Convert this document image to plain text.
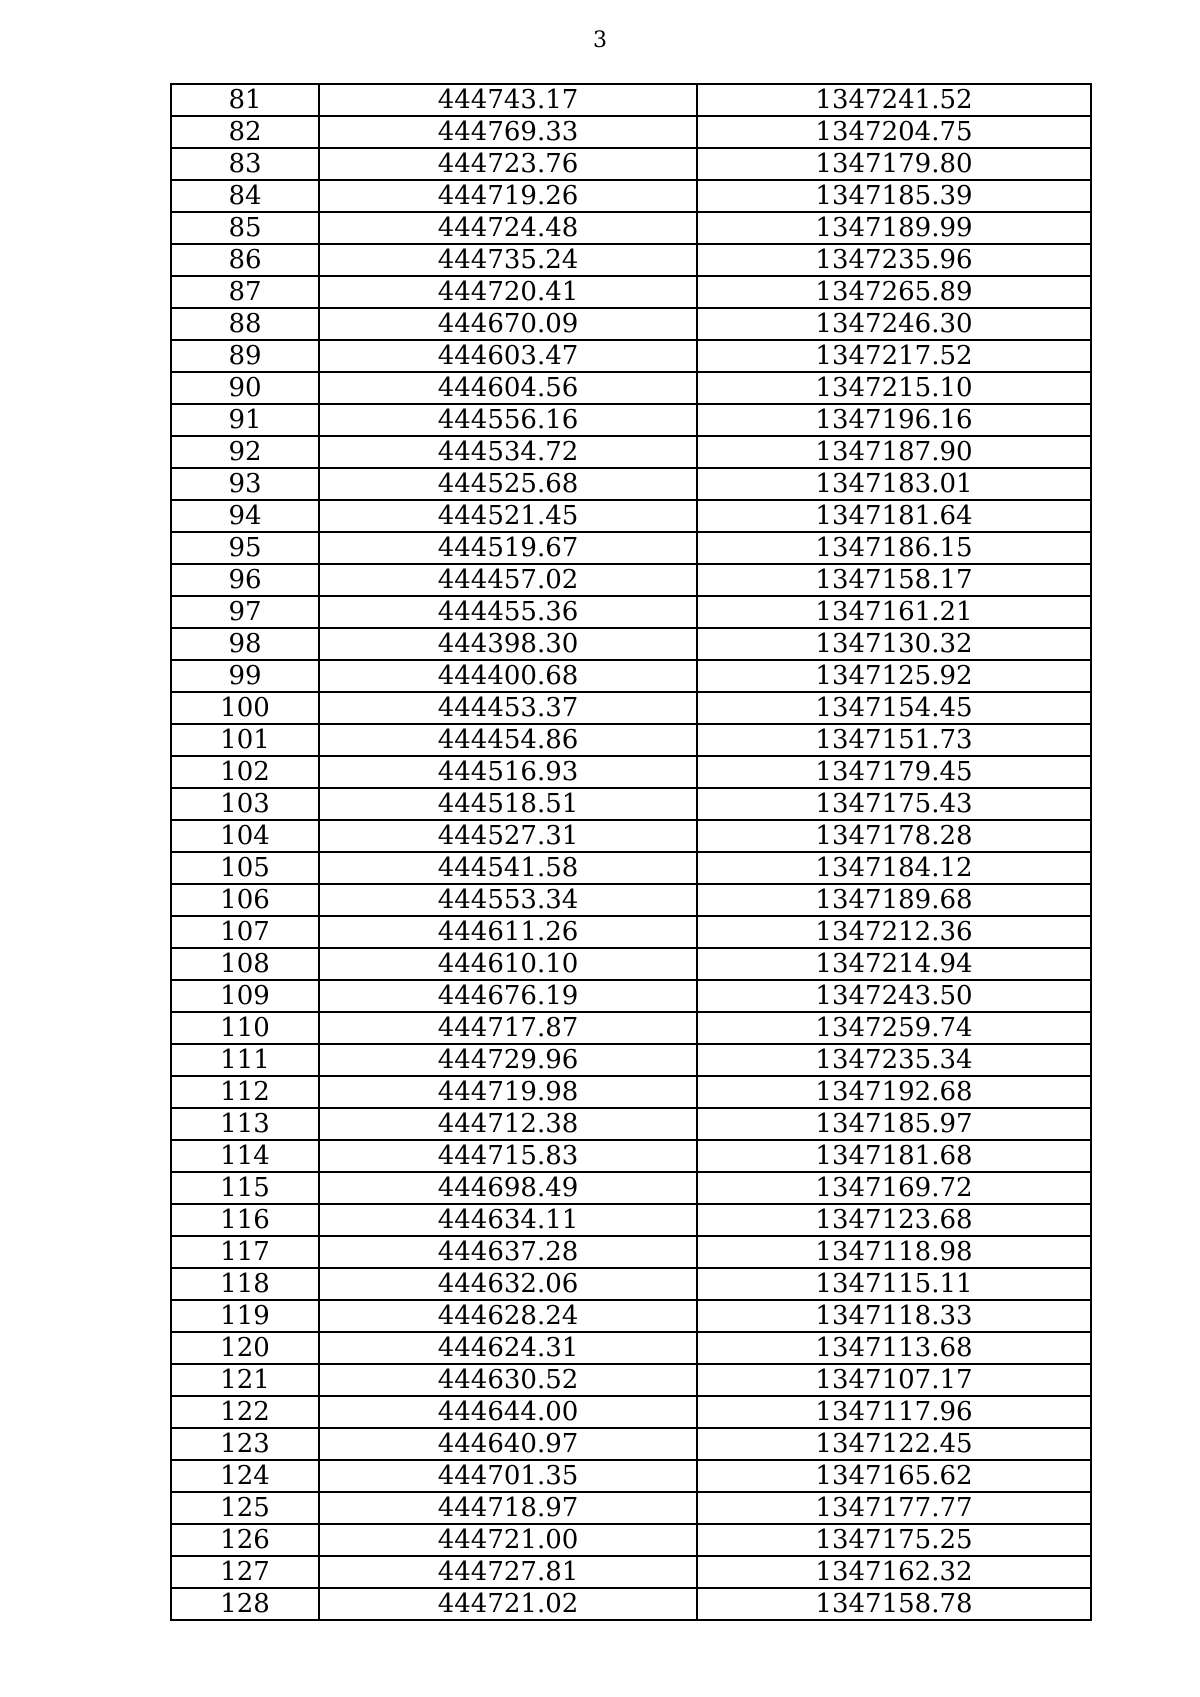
3
81	444743.17	1347241.52
82	444769.33	1347204.75
83	444723.76	1347179.80
84	444719.26	1347185.39
85	444724.48	1347189.99
86	444735.24	1347235.96
87	444720.41	1347265.89
88	444670.09	1347246.30
89	444603.47	1347217.52
90	444604.56	1347215.10
91	444556.16	1347196.16
92	444534.72	1347187.90
93	444525.68	1347183.01
94	444521.45	1347181.64
95	444519.67	1347186.15
96	444457.02	1347158.17
97	444455.36	1347161.21
98	444398.30	1347130.32
99	444400.68	1347125.92
100	444453.37	1347154.45
101	444454.86	1347151.73
102	444516.93	1347179.45
103	444518.51	1347175.43
104	444527.31	1347178.28
105	444541.58	1347184.12
106	444553.34	1347189.68
107	444611.26	1347212.36
108	444610.10	1347214.94
109	444676.19	1347243.50
110	444717.87	1347259.74
111	444729.96	1347235.34
112	444719.98	1347192.68
113	444712.38	1347185.97
114	444715.83	1347181.68
115	444698.49	1347169.72
116	444634.11	1347123.68
117	444637.28	1347118.98
118	444632.06	1347115.11
119	444628.24	1347118.33
120	444624.31	1347113.68
121	444630.52	1347107.17
122	444644.00	1347117.96
123	444640.97	1347122.45
124	444701.35	1347165.62
125	444718.97	1347177.77
126	444721.00	1347175.25
127	444727.81	1347162.32
128	444721.02	1347158.78
